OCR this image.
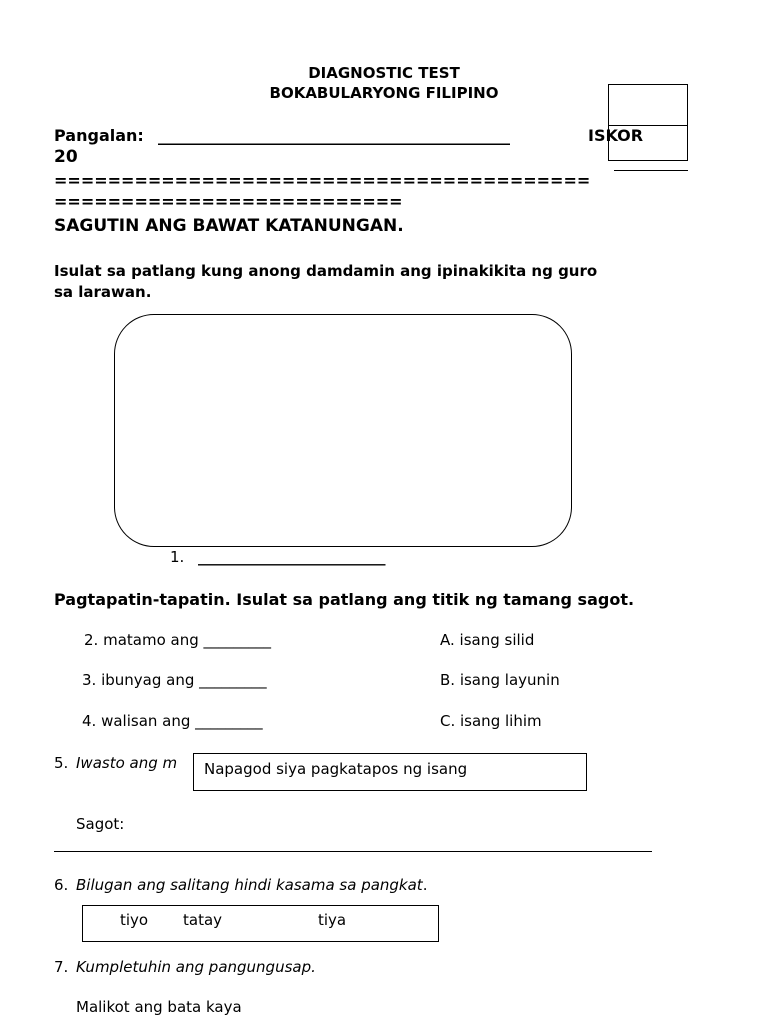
DIAGNOSTIC TEST
BOKABULARYONG FILIPINO
Pangalan: ____________________________________________	ISKOR
20
========================================
==========================
SAGUTIN ANG BAWAT KATANUNGAN.
Isulat sa patlang kung anong damdamin ang ipinakikita ng guro
sa larawan.
1. _________________________
Pagtapatin-tapatin. Isulat sa patlang ang titik ng tamang sagot.
2. matamo ang _________	A. isang silid
3. ibunyag ang _________	B. isang layunin
4. walisan ang _________	C. isang lihim
5. Iwasto ang m	Napagod siya pagkatapos ng isang
Sagot:
6. Bilugan ang salitang hindi kasama sa pangkat.
tiyo tatay	tiya
7. Kumpletuhin ang pangungusap.
Malikot ang bata kaya
